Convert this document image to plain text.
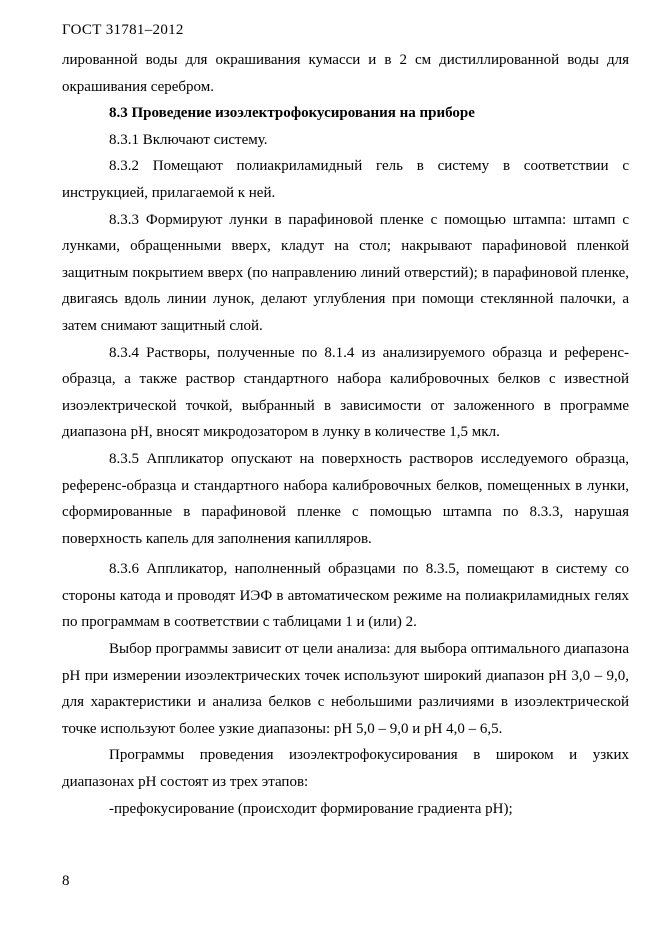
ГОСТ 31781–2012

лированной воды для окрашивания кумасси и в 2 см дистиллированной воды для окрашивания серебром.

8.3 Проведение изоэлектрофокусирования на приборе

8.3.1 Включают систему.

8.3.2 Помещают полиакриламидный гель в систему в соответствии с инструкцией, прилагаемой к ней.

8.3.3 Формируют лунки в парафиновой пленке с помощью штампа: штамп с лунками, обращенными вверх, кладут на стол; накрывают парафиновой пленкой защитным покрытием вверх (по направлению линий отверстий); в парафиновой пленке, двигаясь вдоль линии лунок, делают углубления при помощи стеклянной палочки, а затем снимают защитный слой.

8.3.4 Растворы, полученные по 8.1.4 из анализируемого образца и референс-образца, а также раствор стандартного набора калибровочных белков с известной изоэлектрической точкой, выбранный в зависимости от заложенного в программе диапазона рН, вносят микродозатором в лунку в количестве 1,5 мкл.

8.3.5 Аппликатор опускают на поверхность растворов исследуемого образца, референс-образца и стандартного набора калибровочных белков, помещенных в лунки, сформированные в парафиновой пленке с помощью штампа по 8.3.3, нарушая поверхность капель для заполнения капилляров.

8.3.6 Аппликатор, наполненный образцами по 8.3.5, помещают в систему со стороны катода и проводят ИЭФ в автоматическом режиме на полиакриламидных гелях по программам в соответствии с таблицами 1 и (или) 2.

Выбор программы зависит от цели анализа: для выбора оптимального диапазона рН при измерении изоэлектрических точек используют широкий диапазон рН 3,0 – 9,0, для характеристики и анализа белков с небольшими различиями в изоэлектрической точке используют более узкие диапазоны: рН 5,0 – 9,0 и рН 4,0 – 6,5.

Программы проведения изоэлектрофокусирования в широком и узких диапазонах рН состоят из трех этапов:

-префокусирование (происходит формирование градиента рН);

8
